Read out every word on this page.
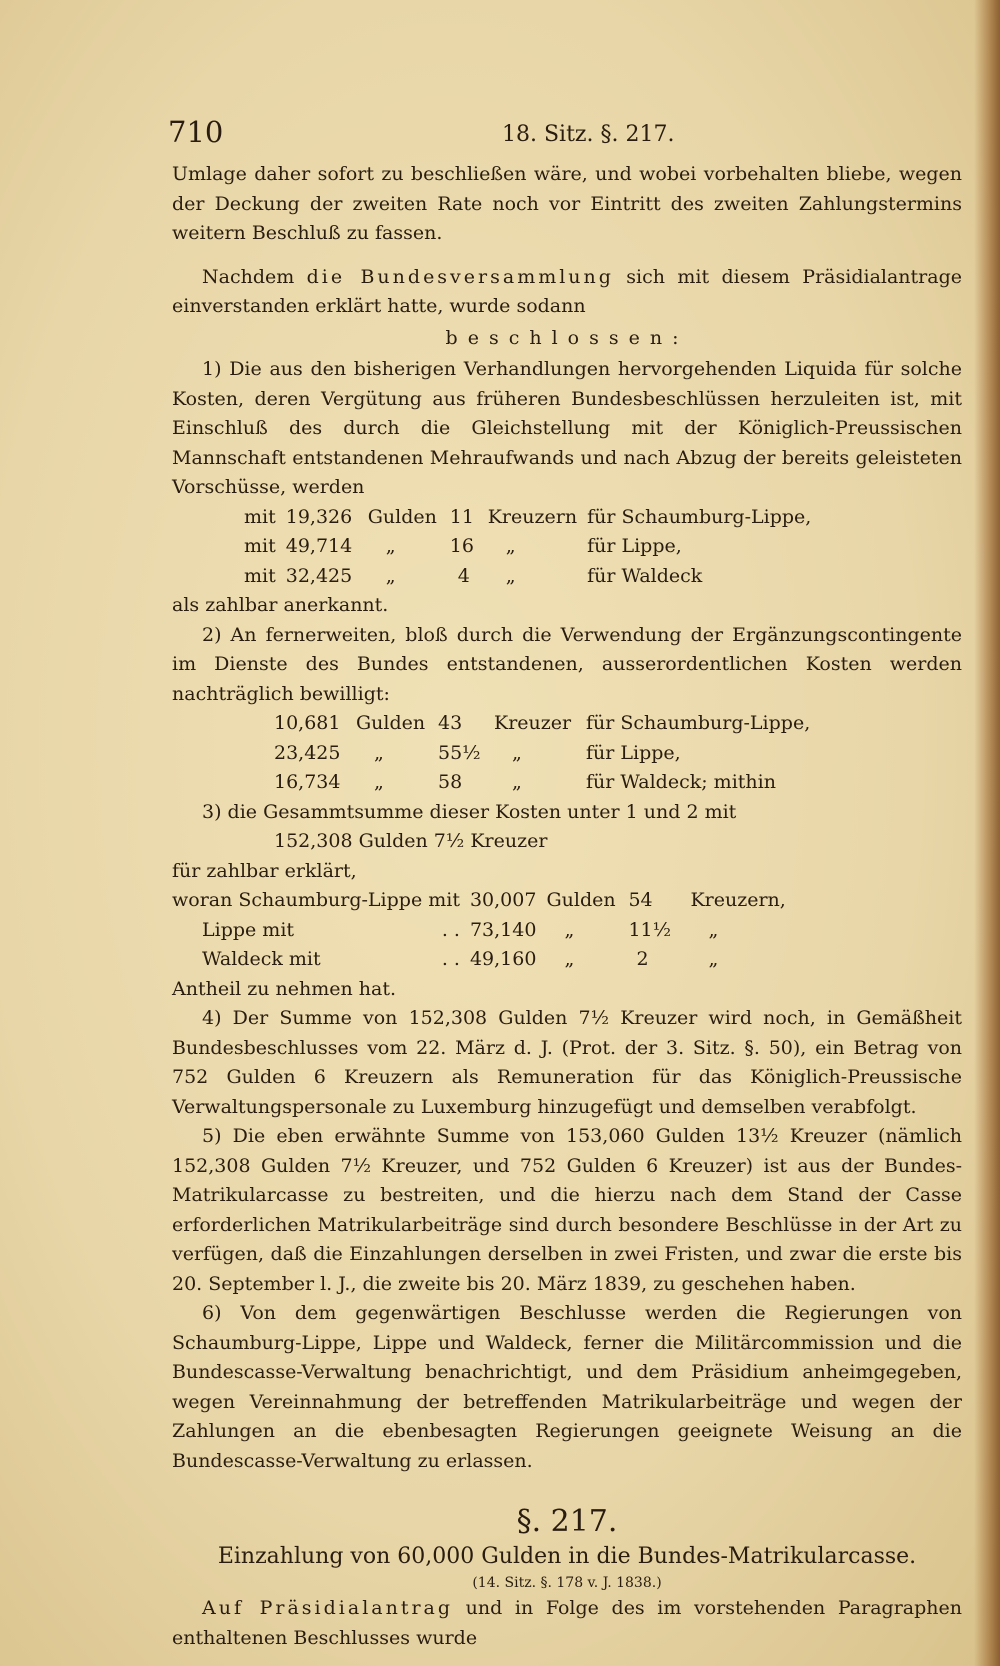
710	18. Sitz. §. 217.

Umlage daher sofort zu beschließen wäre, und wobei vorbehalten bliebe, wegen der Deckung der zweiten Rate noch vor Eintritt des zweiten Zahlungstermins weitern Beschluß zu fassen.

Nachdem die Bundesversammlung sich mit diesem Präsidialantrage einverstanden erklärt hatte, wurde sodann

beschlossen:

1) Die aus den bisherigen Verhandlungen hervorgehenden Liquida für solche Kosten, deren Vergütung aus früheren Bundesbeschlüssen herzuleiten ist, mit Einschluß des durch die Gleichstellung mit der Königlich-Preussischen Mannschaft entstandenen Mehraufwands und nach Abzug der bereits geleisteten Vorschüsse, werden

mit	19,326	Gulden	11	Kreuzern	für Schaumburg-Lippe,
mit	49,714	„	16	„	für Lippe,
mit	32,425	„	4	„	für Waldeck

als zahlbar anerkannt.

2) An fernerweiten, bloß durch die Verwendung der Ergänzungscontingente im Dienste des Bundes entstandenen, ausserordentlichen Kosten werden nachträglich bewilligt:

10,681	Gulden	43	Kreuzer	für Schaumburg-Lippe,
23,425	„	55½	„	für Lippe,
16,734	„	58	„	für Waldeck; mithin

3) die Gesammtsumme dieser Kosten unter 1 und 2 mit

152,308 Gulden 7½ Kreuzer

für zahlbar erklärt,

woran Schaumburg-Lippe mit		30,007	Gulden	54	Kreuzern,
Lippe mit	. .	73,140	„	11½	„
Waldeck mit	. .	49,160	„	2	„

Antheil zu nehmen hat.

4) Der Summe von 152,308 Gulden 7½ Kreuzer wird noch, in Gemäßheit Bundesbeschlusses vom 22. März d. J. (Prot. der 3. Sitz. §. 50), ein Betrag von 752 Gulden 6 Kreuzern als Remuneration für das Königlich-Preussische Verwaltungspersonale zu Luxemburg hinzugefügt und demselben verabfolgt.

5) Die eben erwähnte Summe von 153,060 Gulden 13½ Kreuzer (nämlich 152,308 Gulden 7½ Kreuzer, und 752 Gulden 6 Kreuzer) ist aus der Bundes-Matrikularcasse zu bestreiten, und die hierzu nach dem Stand der Casse erforderlichen Matrikularbeiträge sind durch besondere Beschlüsse in der Art zu verfügen, daß die Einzahlungen derselben in zwei Fristen, und zwar die erste bis 20. September l. J., die zweite bis 20. März 1839, zu geschehen haben.

6) Von dem gegenwärtigen Beschlusse werden die Regierungen von Schaumburg-Lippe, Lippe und Waldeck, ferner die Militärcommission und die Bundescasse-Verwaltung benachrichtigt, und dem Präsidium anheimgegeben, wegen Vereinnahmung der betreffenden Matrikularbeiträge und wegen der Zahlungen an die ebenbesagten Regierungen geeignete Weisung an die Bundescasse-Verwaltung zu erlassen.

§. 217.
Einzahlung von 60,000 Gulden in die Bundes-Matrikularcasse.
(14. Sitz. §. 178 v. J. 1838.)

Auf Präsidialantrag und in Folge des im vorstehenden Paragraphen enthaltenen Beschlusses wurde
